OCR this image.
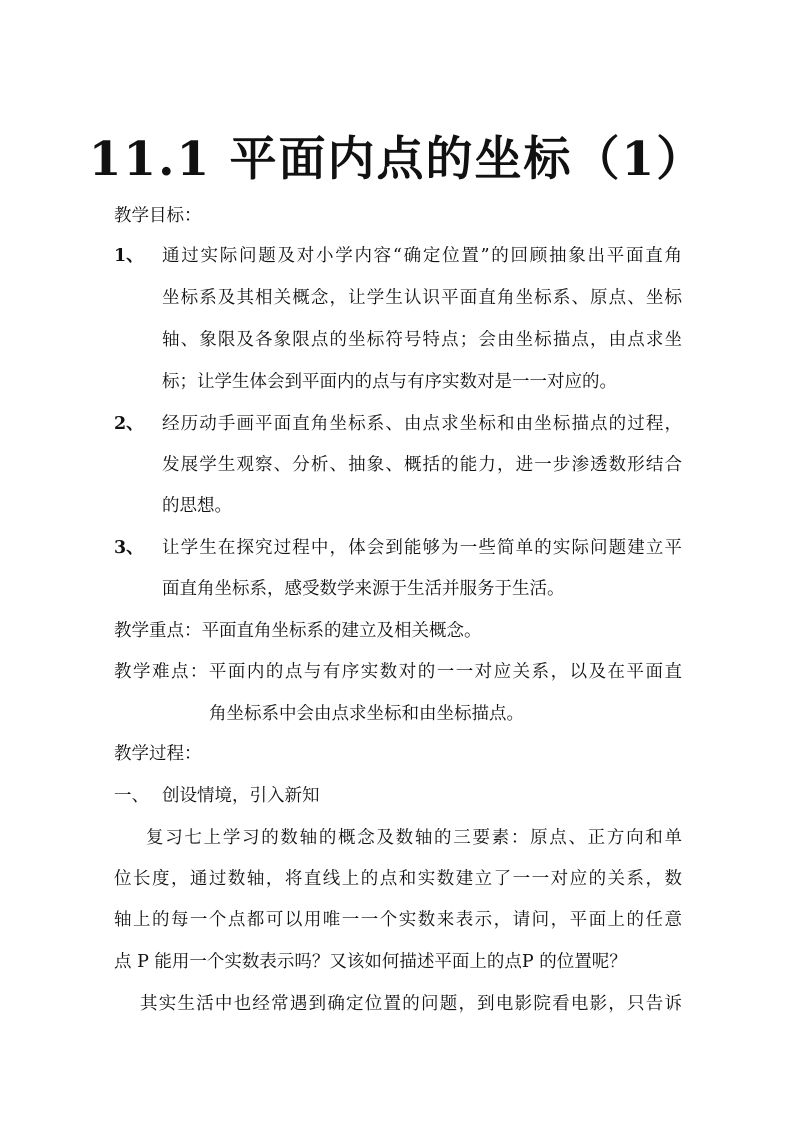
11.1 平面内点的坐标（1）
教学目标：
1、 通过实际问题及对小学内容“确定位置”的回顾抽象出平面直角
坐标系及其相关概念，让学生认识平面直角坐标系、原点、坐标
轴、象限及各象限点的坐标符号特点；会由坐标描点，由点求坐
标；让学生体会到平面内的点与有序实数对是一一对应的。
2、 经历动手画平面直角坐标系、由点求坐标和由坐标描点的过程，
发展学生观察、分析、抽象、概括的能力，进一步渗透数形结合
的思想。
3、 让学生在探究过程中，体会到能够为一些简单的实际问题建立平
面直角坐标系，感受数学来源于生活并服务于生活。
教学重点：平面直角坐标系的建立及相关概念。
教学难点：平面内的点与有序实数对的一一对应关系，以及在平面直
角坐标系中会由点求坐标和由坐标描点。
教学过程：
一、 创设情境，引入新知
复习七上学习的数轴的概念及数轴的三要素：原点、正方向和单
位长度，通过数轴，将直线上的点和实数建立了一一对应的关系，数
轴上的每一个点都可以用唯一一个实数来表示，请问，平面上的任意
点 P 能用一个实数表示吗？又该如何描述平面上的点P 的位置呢？
其实生活中也经常遇到确定位置的问题，到电影院看电影，只告诉
